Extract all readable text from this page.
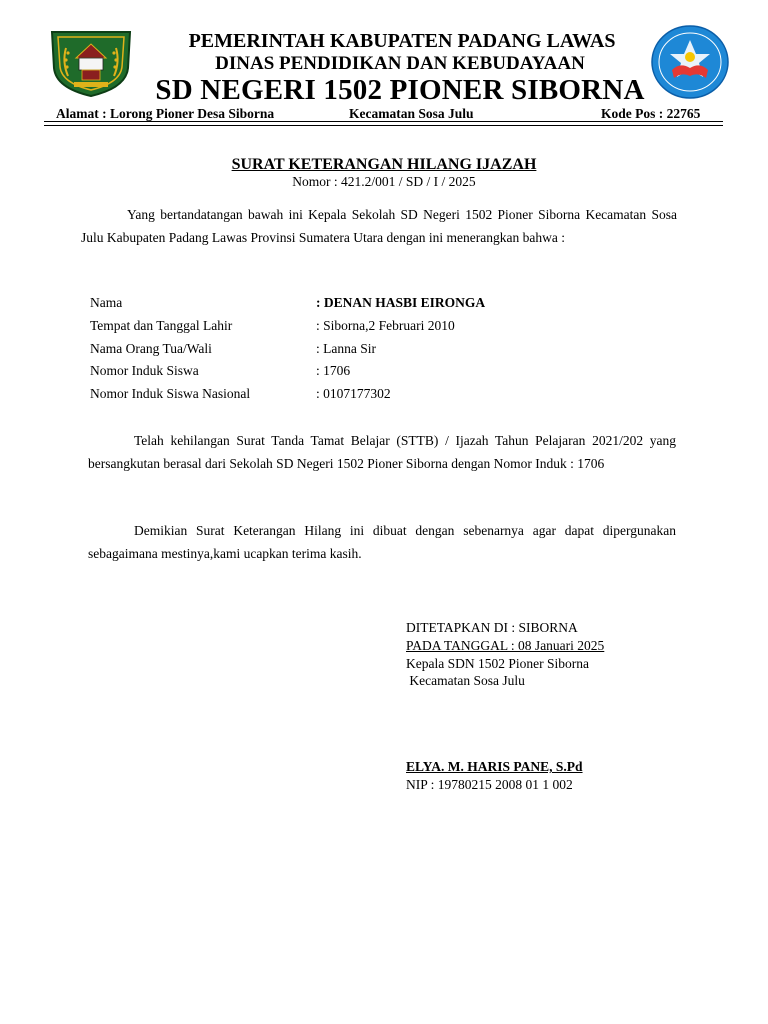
PEMERINTAH KABUPATEN PADANG LAWAS
DINAS PENDIDIKAN DAN KEBUDAYAAN
SD NEGERI 1502 PIONER SIBORNA
Alamat : Lorong Pioner Desa Siborna	Kecamatan Sosa Julu	Kode Pos : 22765
SURAT KETERANGAN HILANG IJAZAH
Nomor : 421.2/001 / SD / I / 2025
Yang bertandatangan bawah ini Kepala Sekolah SD Negeri 1502 Pioner Siborna Kecamatan Sosa Julu Kabupaten Padang Lawas Provinsi Sumatera Utara dengan ini menerangkan bahwa :
Nama	: DENAN HASBI EIRONGA
Tempat dan Tanggal Lahir	: Siborna,2 Februari 2010
Nama Orang Tua/Wali	: Lanna Sir
Nomor Induk Siswa	: 1706
Nomor Induk Siswa Nasional	: 0107177302
Telah kehilangan Surat Tanda Tamat Belajar (STTB) / Ijazah Tahun Pelajaran 2021/202 yang bersangkutan berasal dari Sekolah SD Negeri 1502 Pioner Siborna dengan Nomor Induk : 1706
Demikian Surat Keterangan Hilang ini dibuat dengan sebenarnya agar dapat dipergunakan sebagaimana mestinya,kami ucapkan terima kasih.
DITETAPKAN DI : SIBORNA
PADA TANGGAL : 08 Januari 2025
Kepala SDN 1502 Pioner Siborna
Kecamatan Sosa Julu
ELYA. M. HARIS PANE, S.Pd
NIP : 19780215 2008 01 1 002
